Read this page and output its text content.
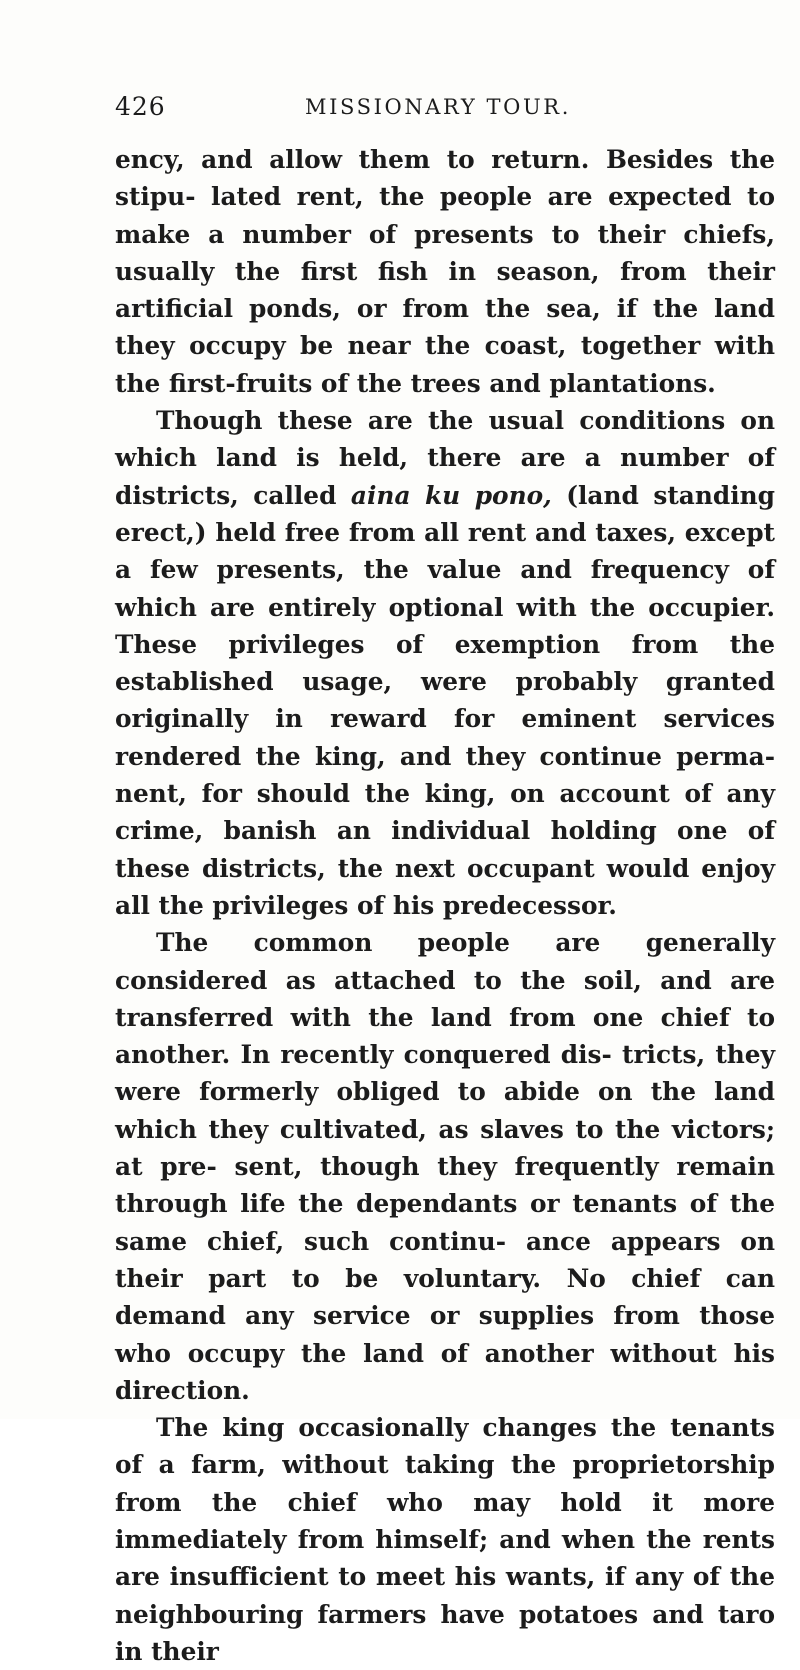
426	MISSIONARY TOUR.

ency, and allow them to return. Besides the stipu- lated rent, the people are expected to make a number of presents to their chiefs, usually the first fish in season, from their artificial ponds, or from the sea, if the land they occupy be near the coast, together with the first-fruits of the trees and plantations.

Though these are the usual conditions on which land is held, there are a number of districts, called aina ku pono, (land standing erect,) held free from all rent and taxes, except a few presents, the value and frequency of which are entirely optional with the occupier. These privileges of exemption from the established usage, were probably granted originally in reward for eminent services rendered the king, and they continue perma- nent, for should the king, on account of any crime, banish an individual holding one of these districts, the next occupant would enjoy all the privileges of his predecessor.

The common people are generally considered as attached to the soil, and are transferred with the land from one chief to another. In recently conquered dis- tricts, they were formerly obliged to abide on the land which they cultivated, as slaves to the victors; at pre- sent, though they frequently remain through life the dependants or tenants of the same chief, such continu- ance appears on their part to be voluntary. No chief can demand any service or supplies from those who occupy the land of another without his direction.

The king occasionally changes the tenants of a farm, without taking the proprietorship from the chief who may hold it more immediately from himself; and when the rents are insufficient to meet his wants, if any of the neighbouring farmers have potatoes and taro in their
